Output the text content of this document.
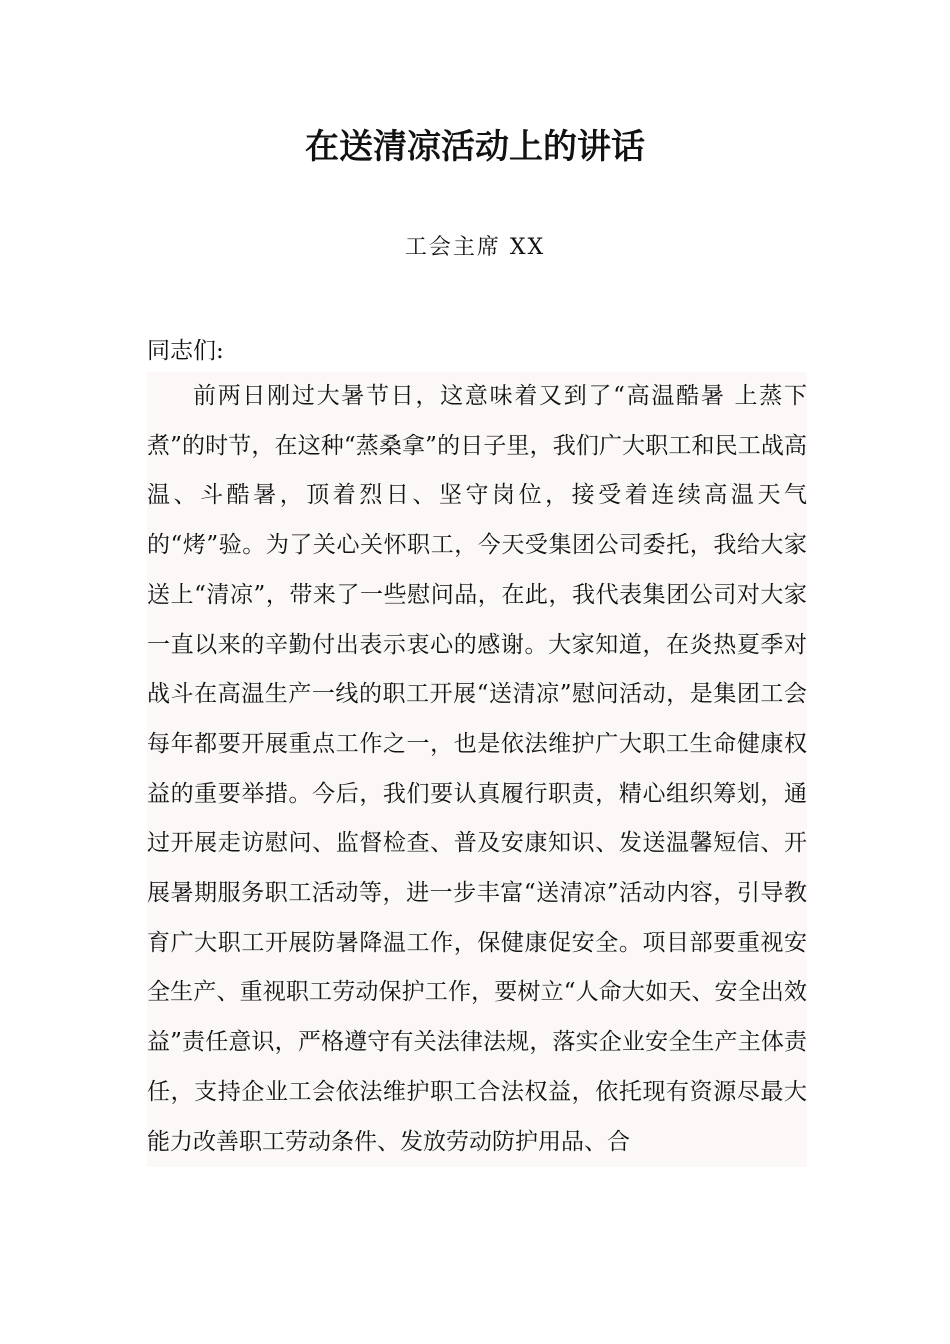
在送清凉活动上的讲话
工会主席 XX
同志们:

前两日刚过大暑节日，这意味着又到了“高温酷暑 上蒸下煮”的时节，在这种“蒸桑拿”的日子里，我们广大职工和民工战高温、斗酷暑，顶着烈日、坚守岗位，接受着连续高温天气的“烤”验。为了关心关怀职工，今天受集团公司委托，我给大家送上“清凉”，带来了一些慰问品，在此，我代表集团公司对大家一直以来的辛勤付出表示衷心的感谢。大家知道，在炎热夏季对战斗在高温生产一线的职工开展“送清凉”慰问活动，是集团工会每年都要开展重点工作之一，也是依法维护广大职工生命健康权益的重要举措。今后，我们要认真履行职责，精心组织筹划，通过开展走访慰问、监督检查、普及安康知识、发送温馨短信、开展暑期服务职工活动等，进一步丰富“送清凉”活动内容，引导教育广大职工开展防暑降温工作，保健康促安全。项目部要重视安全生产、重视职工劳动保护工作，要树立“人命大如天、安全出效益”责任意识，严格遵守有关法律法规，落实企业安全生产主体责任，支持企业工会依法维护职工合法权益，依托现有资源尽最大能力改善职工劳动条件、发放劳动防护用品、合
